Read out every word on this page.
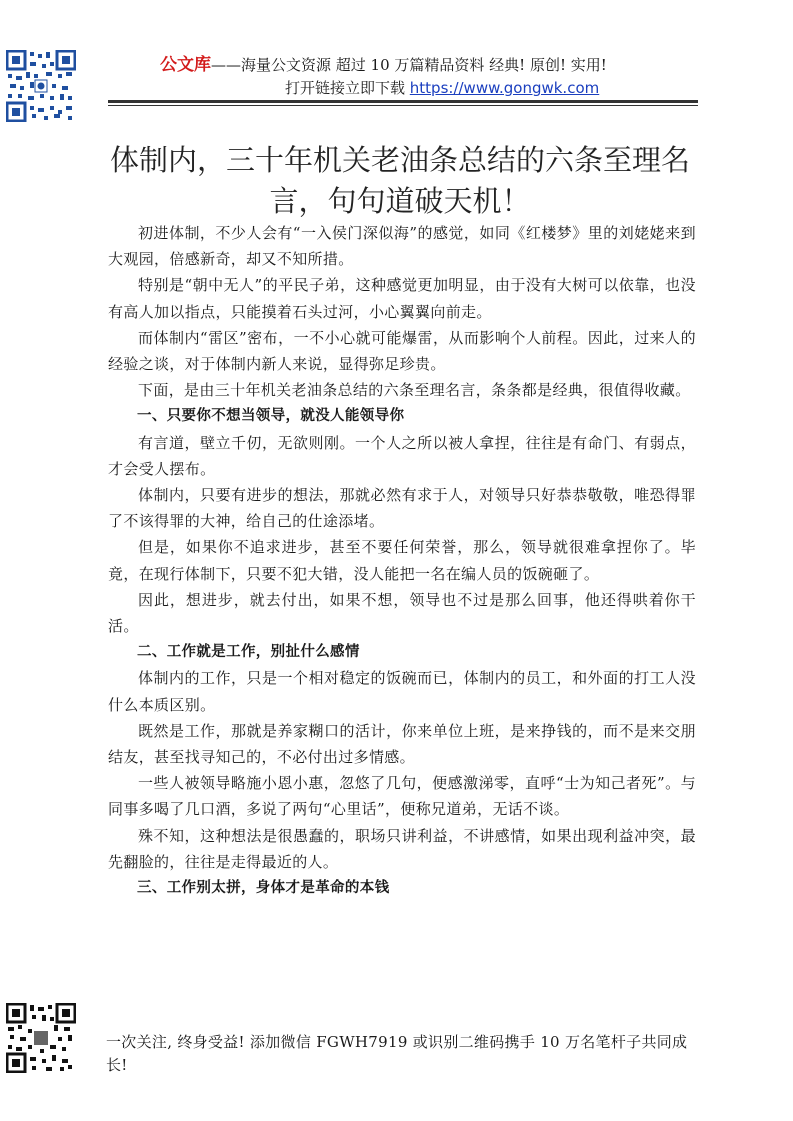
公文库——海量公文资源 超过 10 万篇精品资料 经典! 原创! 实用!
打开链接立即下载 https://www.gongwk.com
体制内，三十年机关老油条总结的六条至理名言，句句道破天机！

初进体制，不少人会有“一入侯门深似海”的感觉，如同《红楼梦》里的刘姥姥来到大观园，倍感新奇，却又不知所措。

特别是“朝中无人”的平民子弟，这种感觉更加明显，由于没有大树可以依靠，也没有高人加以指点，只能摸着石头过河，小心翼翼向前走。

而体制内“雷区”密布，一不小心就可能爆雷，从而影响个人前程。因此，过来人的经验之谈，对于体制内新人来说，显得弥足珍贵。

下面，是由三十年机关老油条总结的六条至理名言，条条都是经典，很值得收藏。

一、只要你不想当领导，就没人能领导你

有言道，壁立千仞，无欲则刚。一个人之所以被人拿捏，往往是有命门、有弱点，才会受人摆布。

体制内，只要有进步的想法，那就必然有求于人，对领导只好恭恭敬敬，唯恐得罪了不该得罪的大神，给自己的仕途添堵。

但是，如果你不追求进步，甚至不要任何荣誉，那么，领导就很难拿捏你了。毕竟，在现行体制下，只要不犯大错，没人能把一名在编人员的饭碗砸了。

因此，想进步，就去付出，如果不想，领导也不过是那么回事，他还得哄着你干活。

二、工作就是工作，别扯什么感情

体制内的工作，只是一个相对稳定的饭碗而已，体制内的员工，和外面的打工人没什么本质区别。

既然是工作，那就是养家糊口的活计，你来单位上班，是来挣钱的，而不是来交朋结友，甚至找寻知己的，不必付出过多情感。

一些人被领导略施小恩小惠，忽悠了几句，便感激涕零，直呼“士为知己者死”。与同事多喝了几口酒，多说了两句“心里话”，便称兄道弟，无话不谈。

殊不知，这种想法是很愚蠢的，职场只讲利益，不讲感情，如果出现利益冲突，最先翻脸的，往往是走得最近的人。

三、工作别太拼，身体才是革命的本钱

一次关注, 终身受益! 添加微信 FGWH7919 或识别二维码携手 10 万名笔杆子共同成长!
